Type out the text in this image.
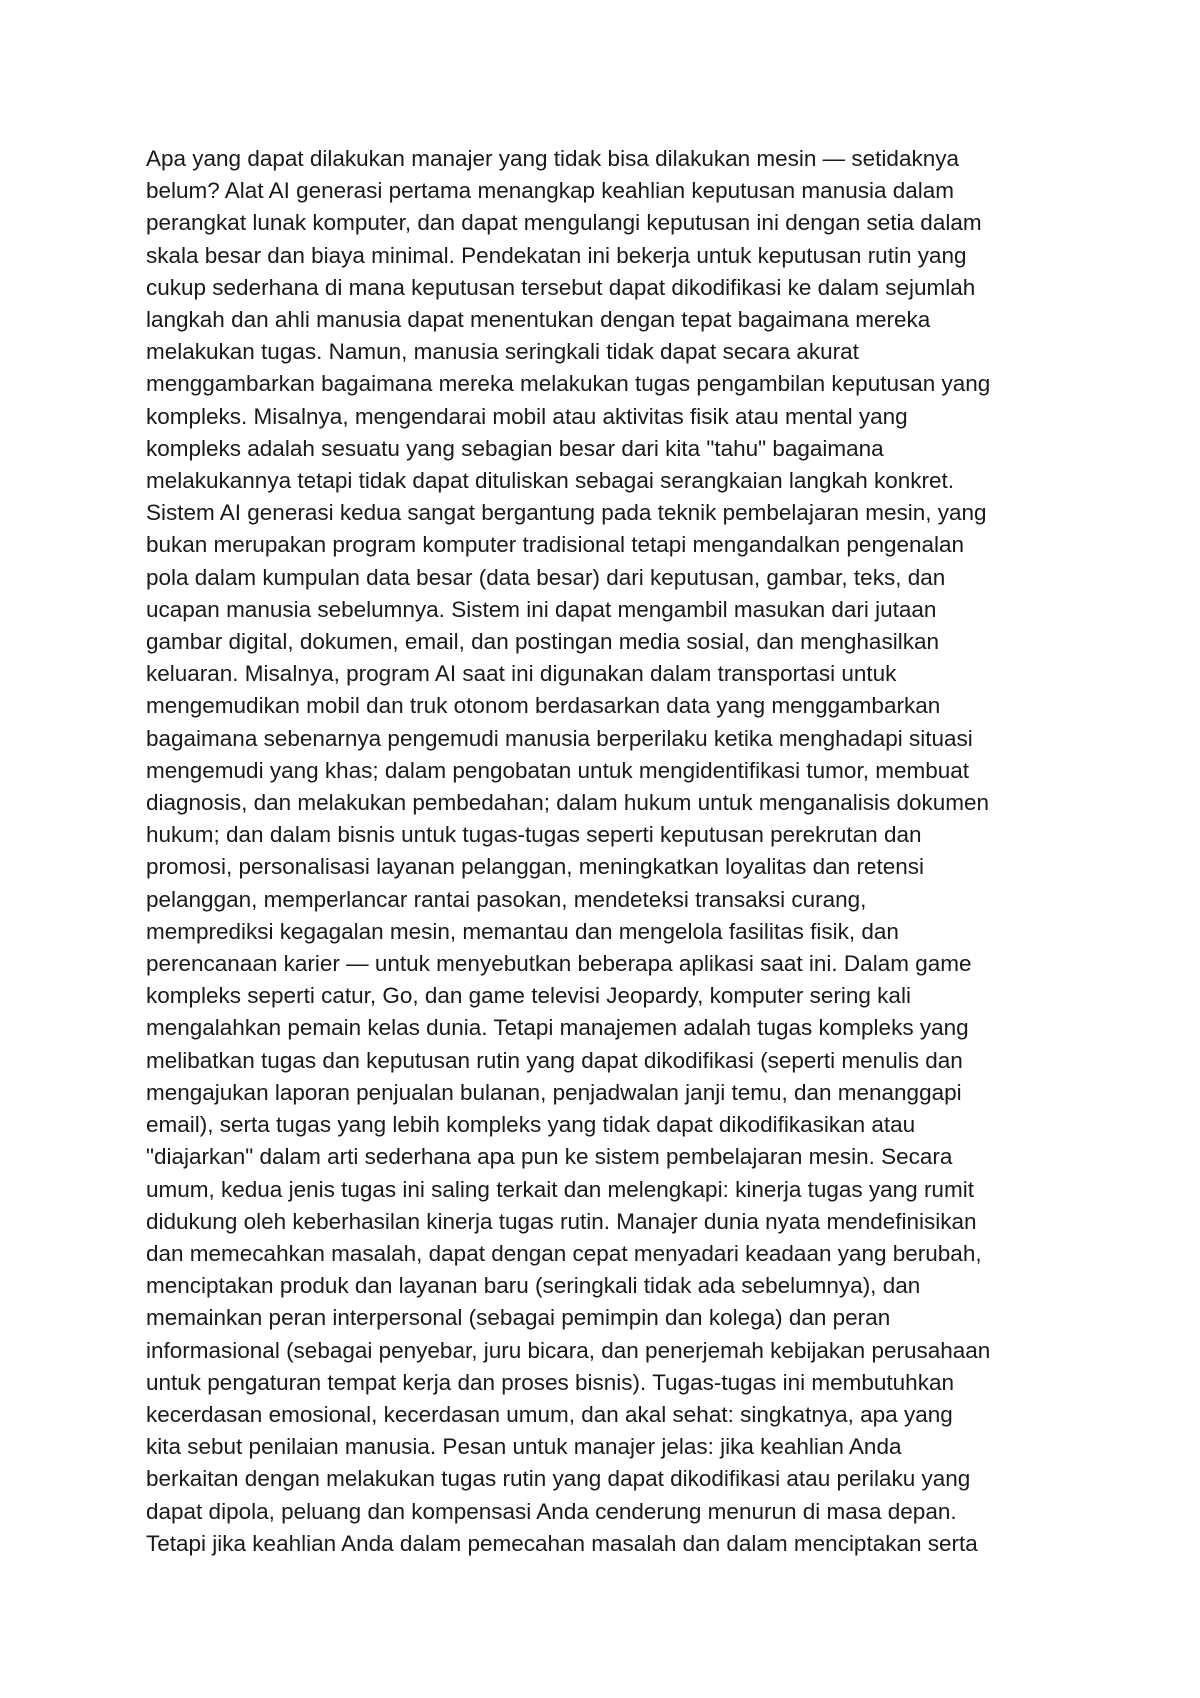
Apa yang dapat dilakukan manajer yang tidak bisa dilakukan mesin — setidaknya
belum? Alat AI generasi pertama menangkap keahlian keputusan manusia dalam
perangkat lunak komputer, dan dapat mengulangi keputusan ini dengan setia dalam
skala besar dan biaya minimal. Pendekatan ini bekerja untuk keputusan rutin yang
cukup sederhana di mana keputusan tersebut dapat dikodifikasi ke dalam sejumlah
langkah dan ahli manusia dapat menentukan dengan tepat bagaimana mereka
melakukan tugas. Namun, manusia seringkali tidak dapat secara akurat
menggambarkan bagaimana mereka melakukan tugas pengambilan keputusan yang
kompleks. Misalnya, mengendarai mobil atau aktivitas fisik atau mental yang
kompleks adalah sesuatu yang sebagian besar dari kita "tahu" bagaimana
melakukannya tetapi tidak dapat dituliskan sebagai serangkaian langkah konkret.
Sistem AI generasi kedua sangat bergantung pada teknik pembelajaran mesin, yang
bukan merupakan program komputer tradisional tetapi mengandalkan pengenalan
pola dalam kumpulan data besar (data besar) dari keputusan, gambar, teks, dan
ucapan manusia sebelumnya. Sistem ini dapat mengambil masukan dari jutaan
gambar digital, dokumen, email, dan postingan media sosial, dan menghasilkan
keluaran. Misalnya, program AI saat ini digunakan dalam transportasi untuk
mengemudikan mobil dan truk otonom berdasarkan data yang menggambarkan
bagaimana sebenarnya pengemudi manusia berperilaku ketika menghadapi situasi
mengemudi yang khas; dalam pengobatan untuk mengidentifikasi tumor, membuat
diagnosis, dan melakukan pembedahan; dalam hukum untuk menganalisis dokumen
hukum; dan dalam bisnis untuk tugas-tugas seperti keputusan perekrutan dan
promosi, personalisasi layanan pelanggan, meningkatkan loyalitas dan retensi
pelanggan, memperlancar rantai pasokan, mendeteksi transaksi curang,
memprediksi kegagalan mesin, memantau dan mengelola fasilitas fisik, dan
perencanaan karier — untuk menyebutkan beberapa aplikasi saat ini. Dalam game
kompleks seperti catur, Go, dan game televisi Jeopardy, komputer sering kali
mengalahkan pemain kelas dunia. Tetapi manajemen adalah tugas kompleks yang
melibatkan tugas dan keputusan rutin yang dapat dikodifikasi (seperti menulis dan
mengajukan laporan penjualan bulanan, penjadwalan janji temu, dan menanggapi
email), serta tugas yang lebih kompleks yang tidak dapat dikodifikasikan atau
"diajarkan" dalam arti sederhana apa pun ke sistem pembelajaran mesin. Secara
umum, kedua jenis tugas ini saling terkait dan melengkapi: kinerja tugas yang rumit
didukung oleh keberhasilan kinerja tugas rutin. Manajer dunia nyata mendefinisikan
dan memecahkan masalah, dapat dengan cepat menyadari keadaan yang berubah,
menciptakan produk dan layanan baru (seringkali tidak ada sebelumnya), dan
memainkan peran interpersonal (sebagai pemimpin dan kolega) dan peran
informasional (sebagai penyebar, juru bicara, dan penerjemah kebijakan perusahaan
untuk pengaturan tempat kerja dan proses bisnis). Tugas-tugas ini membutuhkan
kecerdasan emosional, kecerdasan umum, dan akal sehat: singkatnya, apa yang
kita sebut penilaian manusia. Pesan untuk manajer jelas: jika keahlian Anda
berkaitan dengan melakukan tugas rutin yang dapat dikodifikasi atau perilaku yang
dapat dipola, peluang dan kompensasi Anda cenderung menurun di masa depan.
Tetapi jika keahlian Anda dalam pemecahan masalah dan dalam menciptakan serta
